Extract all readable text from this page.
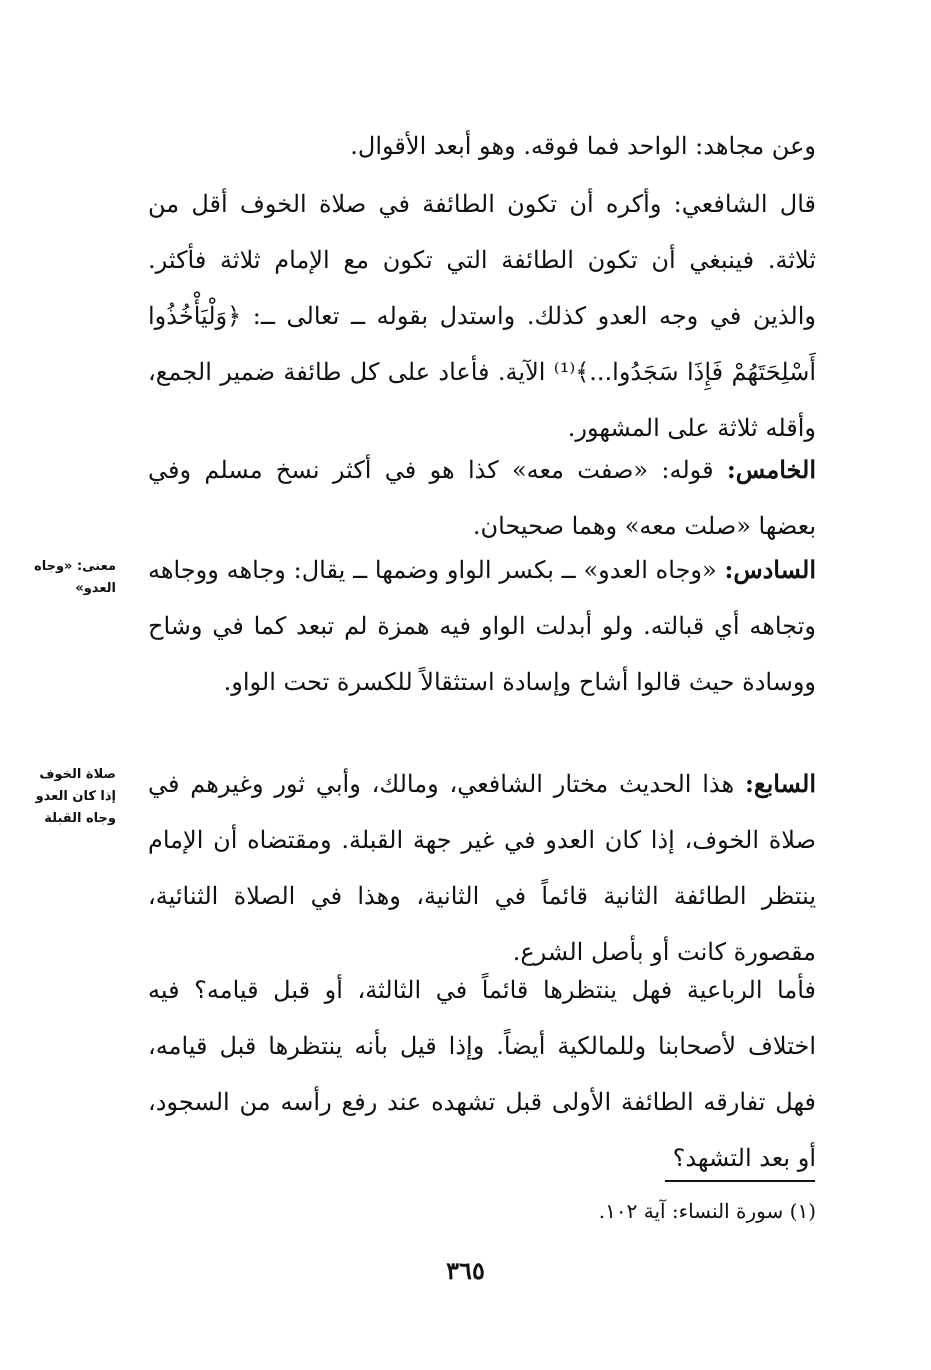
وعن مجاهد: الواحد فما فوقه. وهو أبعد الأقوال.

قال الشافعي: وأكره أن تكون الطائفة في صلاة الخوف أقل من ثلاثة. فينبغي أن تكون الطائفة التي تكون مع الإمام ثلاثة فأكثر. والذين في وجه العدو كذلك. واستدل بقوله ــ تعالى ــ: ﴿وَلْيَأْخُذُوا أَسْلِحَتَهُمْ فَإِذَا سَجَدُوا...﴾⁽¹⁾ الآية. فأعاد على كل طائفة ضمير الجمع، وأقله ثلاثة على المشهور.

الخامس: قوله: «صفت معه» كذا هو في أكثر نسخ مسلم وفي بعضها «صلت معه» وهما صحيحان.

السادس: «وجاه العدو» ــ بكسر الواو وضمها ــ يقال: وجاهه ووجاهه وتجاهه أي قبالته. ولو أبدلت الواو فيه همزة لم تبعد كما في وشاح ووسادة حيث قالوا أشاح وإسادة استثقالاً للكسرة تحت الواو.

السابع: هذا الحديث مختار الشافعي، ومالك، وأبي ثور وغيرهم في صلاة الخوف، إذا كان العدو في غير جهة القبلة. ومقتضاه أن الإمام ينتظر الطائفة الثانية قائماً في الثانية، وهذا في الصلاة الثنائية، مقصورة كانت أو بأصل الشرع.

فأما الرباعية فهل ينتظرها قائماً في الثالثة، أو قبل قيامه؟ فيه اختلاف لأصحابنا وللمالكية أيضاً. وإذا قيل بأنه ينتظرها قبل قيامه، فهل تفارقه الطائفة الأولى قبل تشهده عند رفع رأسه من السجود، أو بعد التشهد؟

معنى: «وجاه العدو»
صلاة الخوف إذا كان العدو وجاه القبلة
(١) سورة النساء: آية ١٠٢.
٣٦٥
